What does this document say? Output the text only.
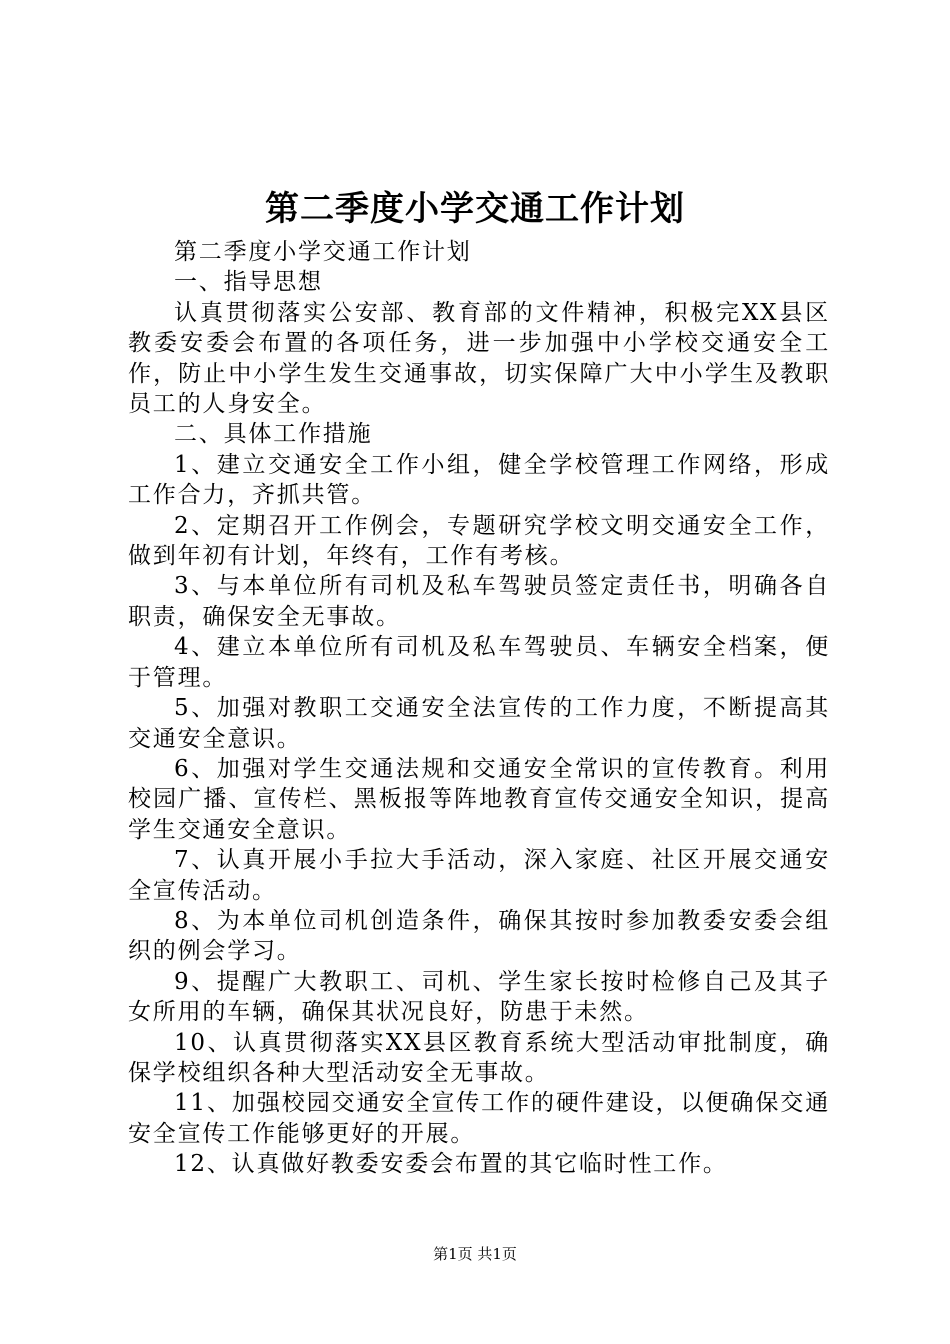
第二季度小学交通工作计划

第二季度小学交通工作计划

一、指导思想

认真贯彻落实公安部、教育部的文件精神，积极完XX县区教委安委会布置的各项任务，进一步加强中小学校交通安全工作，防止中小学生发生交通事故，切实保障广大中小学生及教职员工的人身安全。

二、具体工作措施

1、建立交通安全工作小组，健全学校管理工作网络，形成工作合力，齐抓共管。

2、定期召开工作例会，专题研究学校文明交通安全工作，做到年初有计划，年终有，工作有考核。

3、与本单位所有司机及私车驾驶员签定责任书，明确各自职责，确保安全无事故。

4、建立本单位所有司机及私车驾驶员、车辆安全档案，便于管理。

5、加强对教职工交通安全法宣传的工作力度，不断提高其交通安全意识。

6、加强对学生交通法规和交通安全常识的宣传教育。利用校园广播、宣传栏、黑板报等阵地教育宣传交通安全知识，提高学生交通安全意识。

7、认真开展小手拉大手活动，深入家庭、社区开展交通安全宣传活动。

8、为本单位司机创造条件，确保其按时参加教委安委会组织的例会学习。

9、提醒广大教职工、司机、学生家长按时检修自己及其子女所用的车辆，确保其状况良好，防患于未然。

10、认真贯彻落实XX县区教育系统大型活动审批制度，确保学校组织各种大型活动安全无事故。

11、加强校园交通安全宣传工作的硬件建设，以便确保交通安全宣传工作能够更好的开展。

12、认真做好教委安委会布置的其它临时性工作。

第1页 共1页
